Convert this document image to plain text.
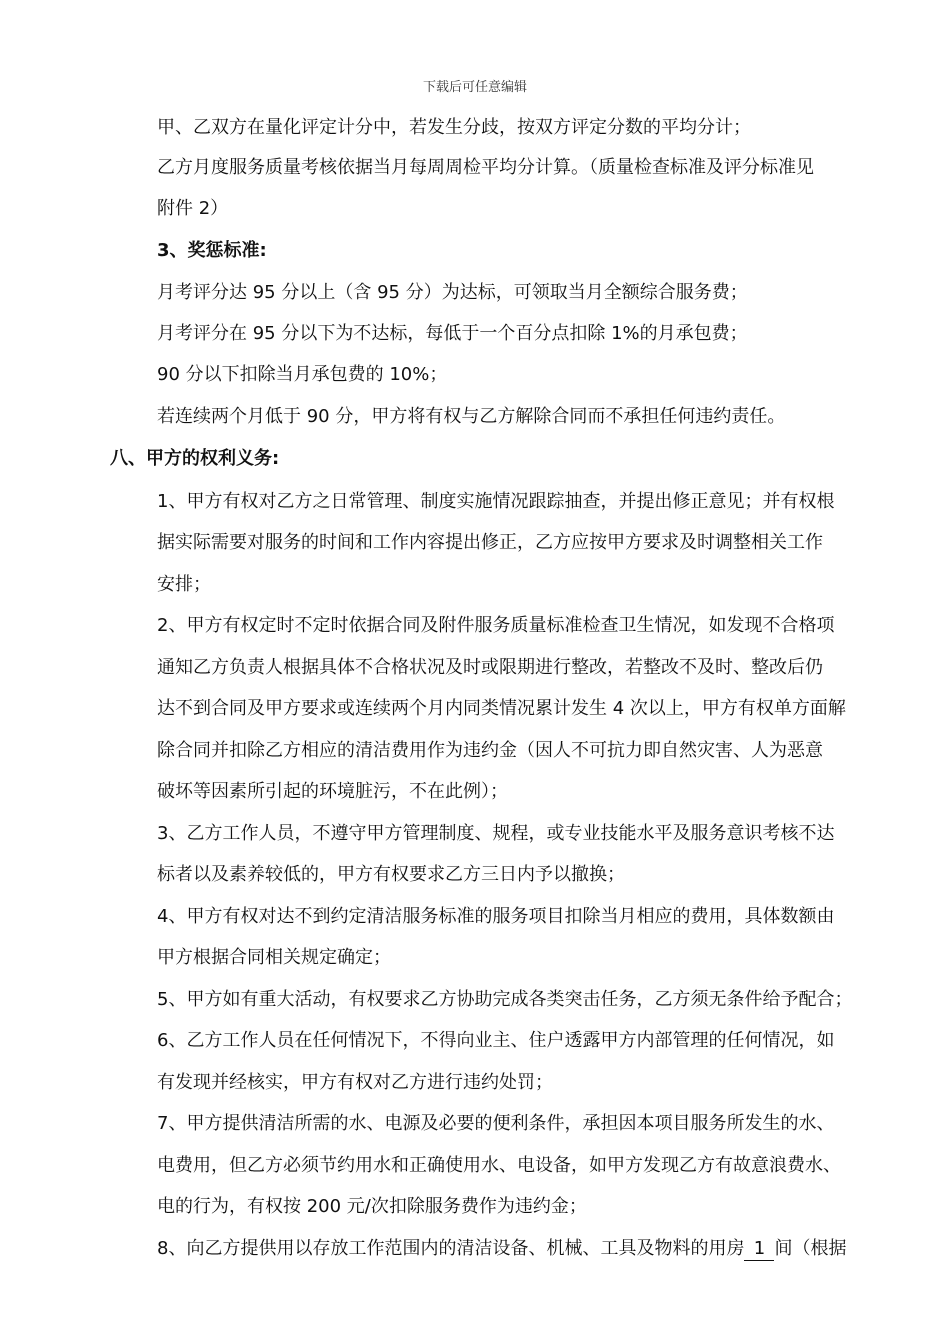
下载后可任意编辑
甲、乙双方在量化评定计分中，若发生分歧，按双方评定分数的平均分计；
乙方月度服务质量考核依据当月每周周检平均分计算。（质量检查标准及评分标准见
附件 2）
3、奖惩标准:
月考评分达 95 分以上（含 95 分）为达标，可领取当月全额综合服务费；
月考评分在 95 分以下为不达标，每低于一个百分点扣除 1%的月承包费；
90 分以下扣除当月承包费的 10%；
若连续两个月低于 90 分，甲方将有权与乙方解除合同而不承担任何违约责任。
八、甲方的权利义务:
1、甲方有权对乙方之日常管理、制度实施情况跟踪抽查，并提出修正意见；并有权根
据实际需要对服务的时间和工作内容提出修正，乙方应按甲方要求及时调整相关工作
安排；
2、甲方有权定时不定时依据合同及附件服务质量标准检查卫生情况，如发现不合格项
通知乙方负责人根据具体不合格状况及时或限期进行整改，若整改不及时、整改后仍
达不到合同及甲方要求或连续两个月内同类情况累计发生 4 次以上，甲方有权单方面解
除合同并扣除乙方相应的清洁费用作为违约金（因人不可抗力即自然灾害、人为恶意
破坏等因素所引起的环境脏污，不在此例）；
3、乙方工作人员，不遵守甲方管理制度、规程，或专业技能水平及服务意识考核不达
标者以及素养较低的，甲方有权要求乙方三日内予以撤换；
4、甲方有权对达不到约定清洁服务标准的服务项目扣除当月相应的费用，具体数额由
甲方根据合同相关规定确定；
5、甲方如有重大活动，有权要求乙方协助完成各类突击任务，乙方须无条件给予配合；
6、乙方工作人员在任何情况下，不得向业主、住户透露甲方内部管理的任何情况，如
有发现并经核实，甲方有权对乙方进行违约处罚；
7、甲方提供清洁所需的水、电源及必要的便利条件，承担因本项目服务所发生的水、
电费用，但乙方必须节约用水和正确使用水、电设备，如甲方发现乙方有故意浪费水、
电的行为，有权按 200 元/次扣除服务费作为违约金；
8、向乙方提供用以存放工作范围内的清洁设备、机械、工具及物料的用房 1 间（根据
